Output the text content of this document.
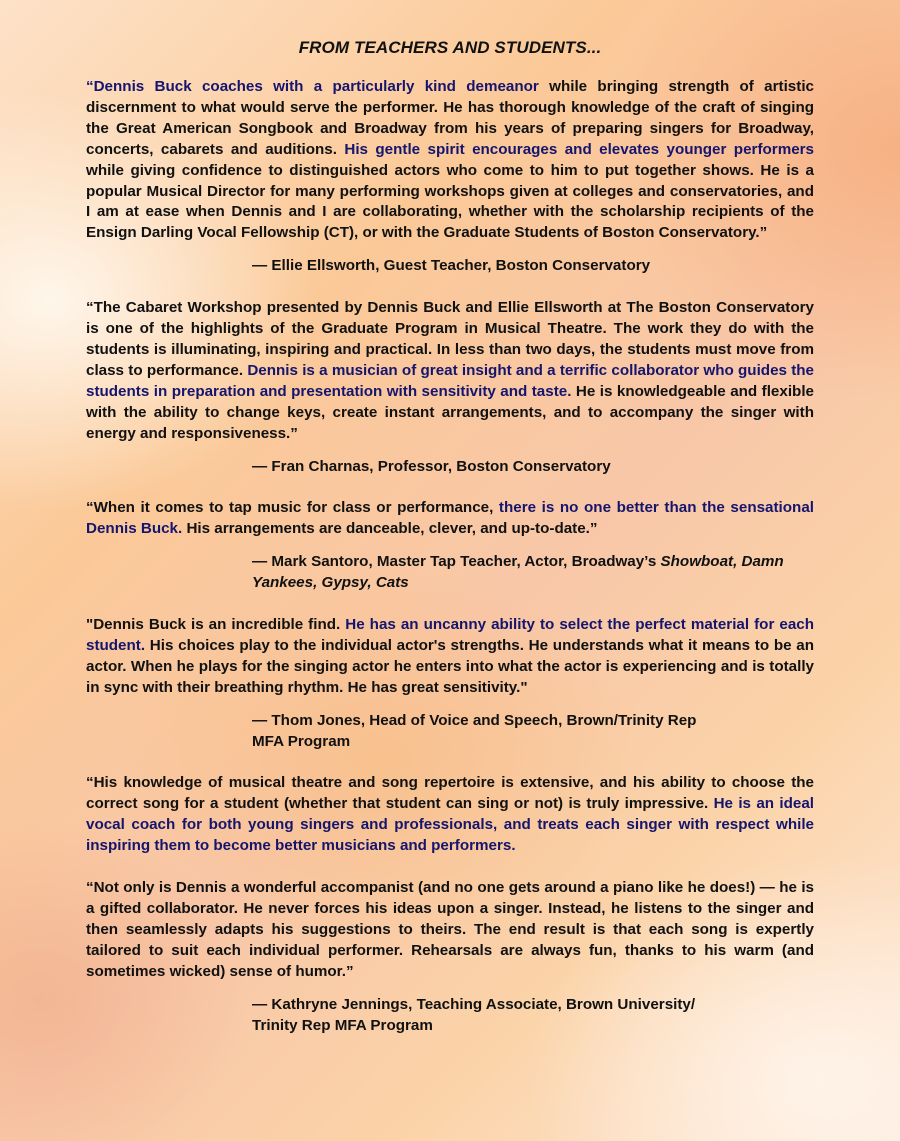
FROM TEACHERS AND STUDENTS...

“Dennis Buck coaches with a particularly kind demeanor while bringing strength of artistic discernment to what would serve the performer. He has thorough knowledge of the craft of singing the Great American Songbook and Broadway from his years of preparing singers for Broadway, concerts, cabarets and auditions. His gentle spirit encourages and elevates younger performers while giving confidence to distinguished actors who come to him to put together shows. He is a popular Musical Director for many performing workshops given at colleges and conservatories, and I am at ease when Dennis and I are collaborating, whether with the scholarship recipients of the Ensign Darling Vocal Fellowship (CT), or with the Graduate Students of Boston Conservatory.”

— Ellie Ellsworth, Guest Teacher, Boston Conservatory

“The Cabaret Workshop presented by Dennis Buck and Ellie Ellsworth at The Boston Conservatory is one of the highlights of the Graduate Program in Musical Theatre. The work they do with the students is illuminating, inspiring and practical. In less than two days, the students must move from class to performance. Dennis is a musician of great insight and a terrific collaborator who guides the students in preparation and presentation with sensitivity and taste. He is knowledgeable and flexible with the ability to change keys, create instant arrangements, and to accompany the singer with energy and responsiveness.”

— Fran Charnas, Professor, Boston Conservatory

“When it comes to tap music for class or performance, there is no one better than the sensational Dennis Buck. His arrangements are danceable, clever, and up-to-date.”

— Mark Santoro, Master Tap Teacher, Actor, Broadway’s Showboat, Damn Yankees, Gypsy, Cats

"Dennis Buck is an incredible find. He has an uncanny ability to select the perfect material for each student. His choices play to the individual actor's strengths. He understands what it means to be an actor. When he plays for the singing actor he enters into what the actor is experiencing and is totally in sync with their breathing rhythm. He has great sensitivity."

— Thom Jones, Head of Voice and Speech, Brown/Trinity Rep
MFA Program

“His knowledge of musical theatre and song repertoire is extensive, and his ability to choose the correct song for a student (whether that student can sing or not) is truly impressive. He is an ideal vocal coach for both young singers and professionals, and treats each singer with respect while inspiring them to become better musicians and performers.

“Not only is Dennis a wonderful accompanist (and no one gets around a piano like he does!) — he is a gifted collaborator. He never forces his ideas upon a singer. Instead, he listens to the singer and then seamlessly adapts his suggestions to theirs. The end result is that each song is expertly tailored to suit each individual performer. Rehearsals are always fun, thanks to his warm (and sometimes wicked) sense of humor.”

— Kathryne Jennings, Teaching Associate, Brown University/
Trinity Rep MFA Program
